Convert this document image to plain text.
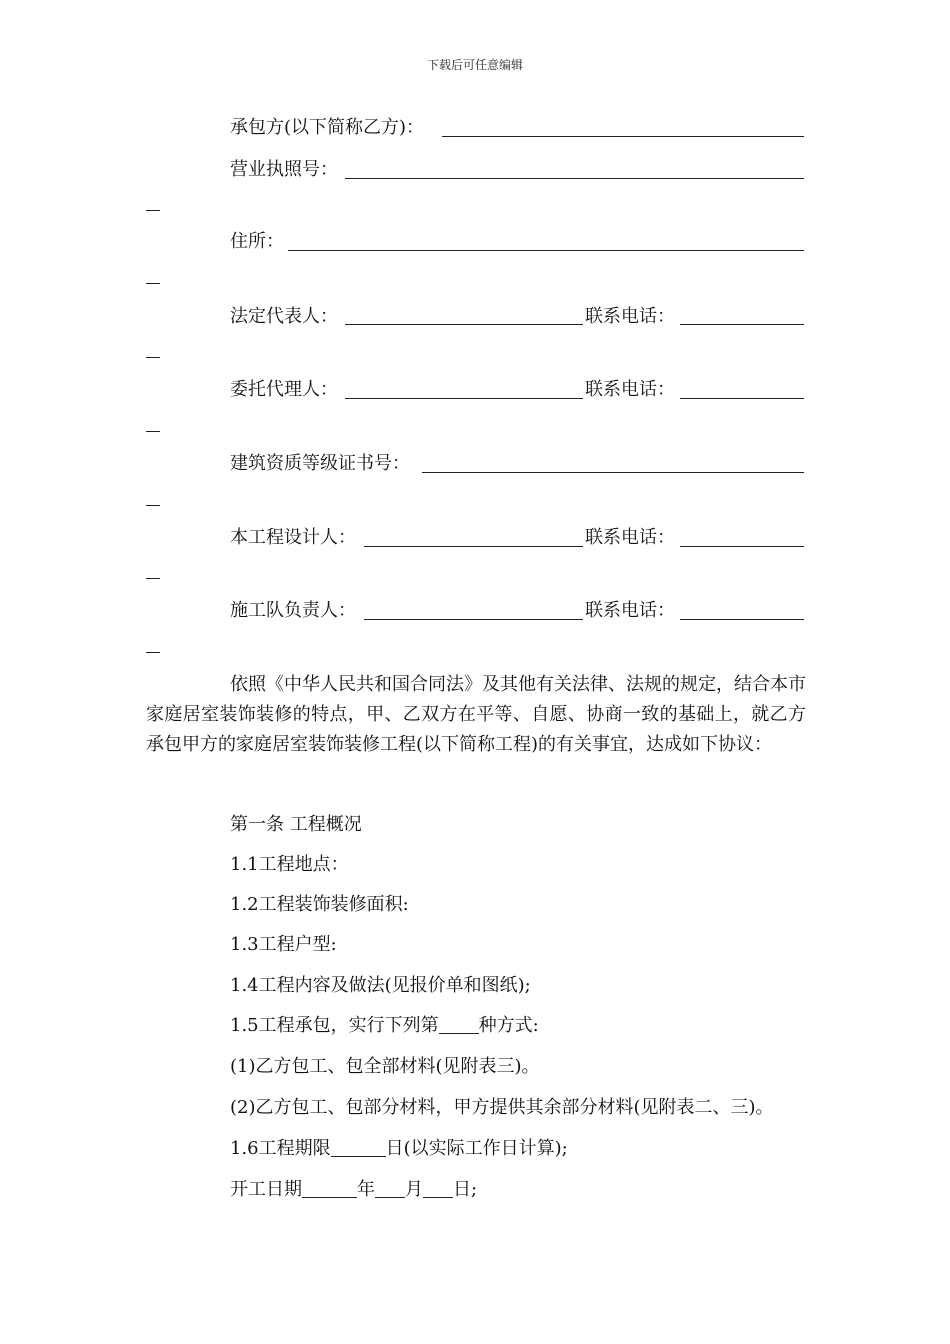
下载后可任意编辑
承包方(以下简称乙方)：
营业执照号：
住所：
法定代表人：	联系电话：
委托代理人：	联系电话：
建筑资质等级证书号：
本工程设计人：	联系电话：
施工队负责人：	联系电话：
依照《中华人民共和国合同法》及其他有关法律、法规的规定，结合本市家庭居室装饰装修的特点，甲、乙双方在平等、自愿、协商一致的基础上，就乙方承包甲方的家庭居室装饰装修工程(以下简称工程)的有关事宜，达成如下协议：
第一条 工程概况
1.1工程地点：
1.2工程装饰装修面积:
1.3工程户型:
1.4工程内容及做法(见报价单和图纸);
1.5工程承包，实行下列第 种方式:
(1)乙方包工、包全部材料(见附表三)。
(2)乙方包工、包部分材料，甲方提供其余部分材料(见附表二、三)。
1.6工程期限	日(以实际工作日计算);
开工日期	年 月 日;
